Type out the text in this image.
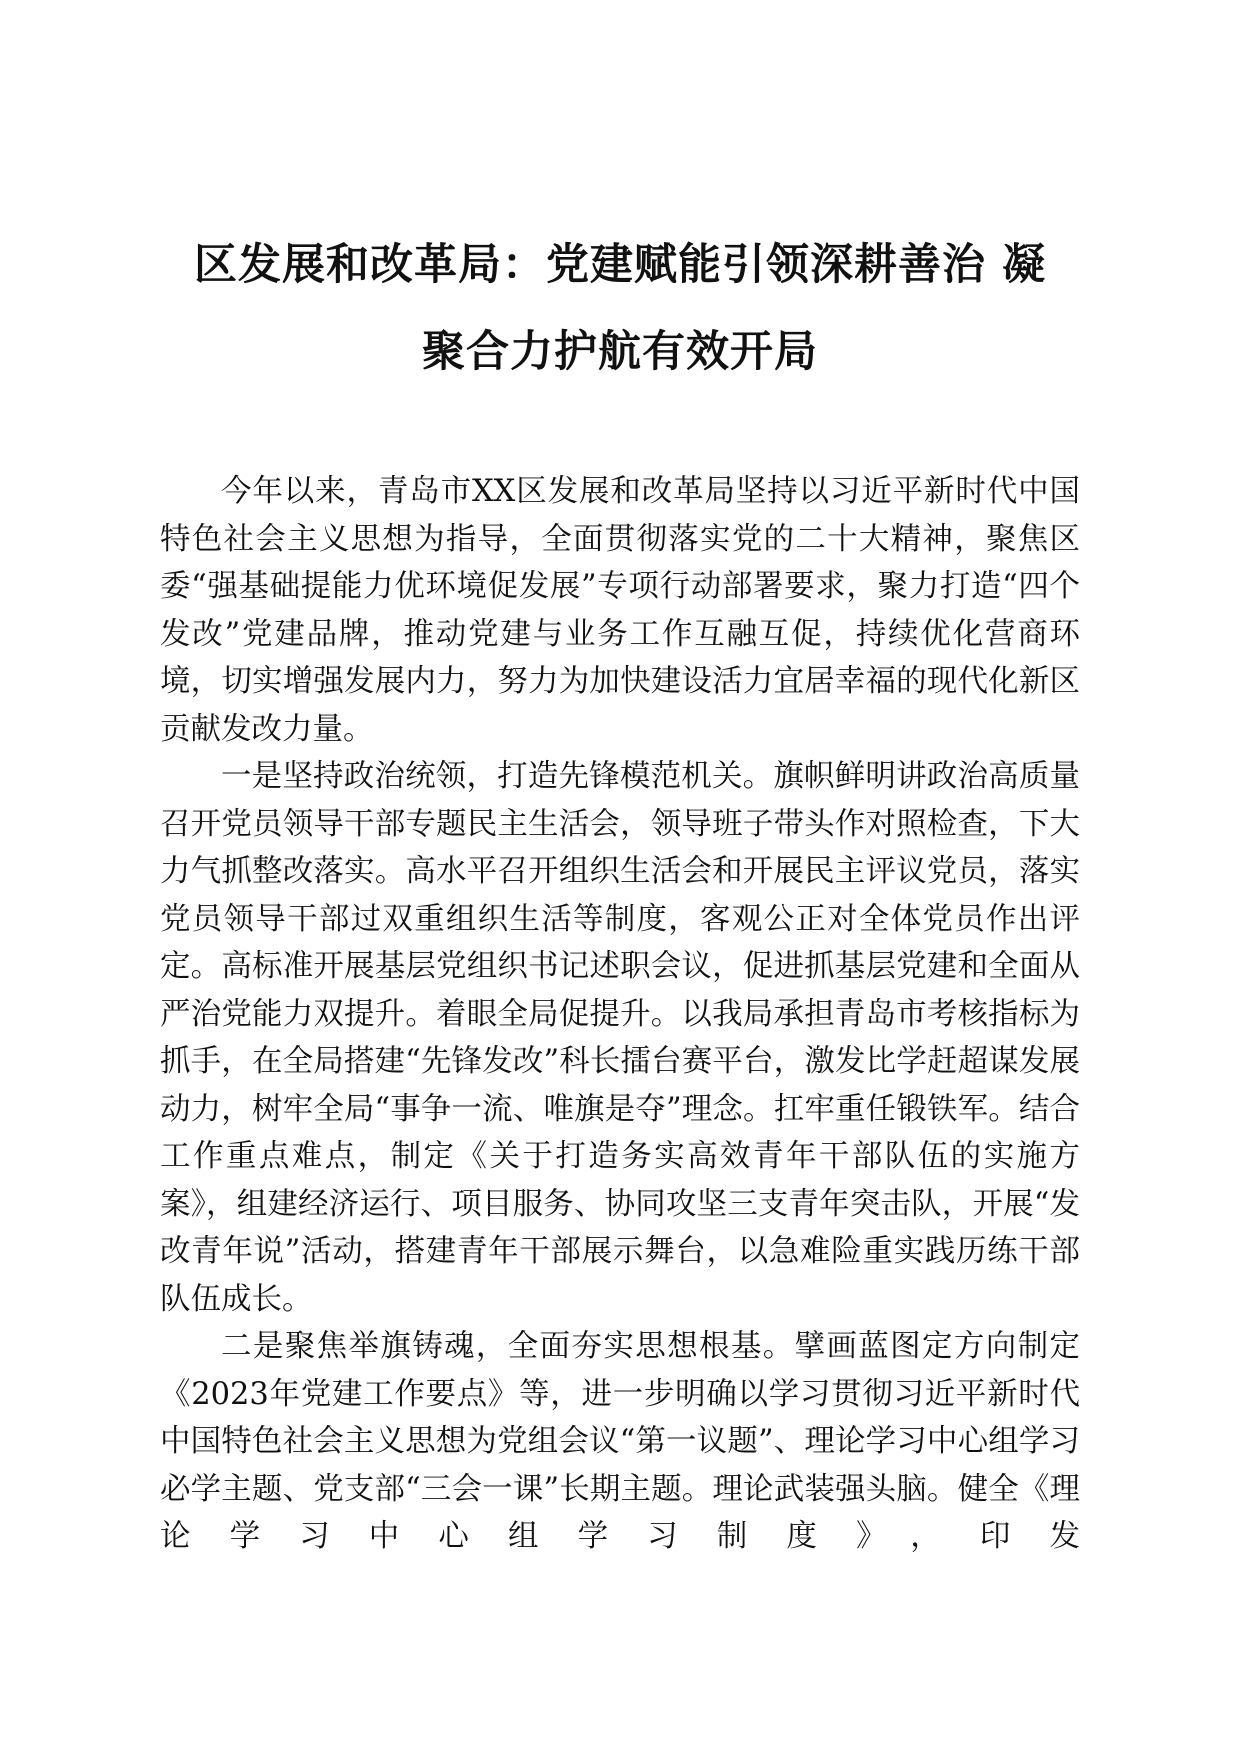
区发展和改革局：党建赋能引领深耕善治 凝
聚合力护航有效开局

今年以来，青岛市XX区发展和改革局坚持以习近平新时代中国特色社会主义思想为指导，全面贯彻落实党的二十大精神，聚焦区委“强基础提能力优环境促发展”专项行动部署要求，聚力打造“四个发改”党建品牌，推动党建与业务工作互融互促，持续优化营商环境，切实增强发展内力，努力为加快建设活力宜居幸福的现代化新区贡献发改力量。

一是坚持政治统领，打造先锋模范机关。旗帜鲜明讲政治高质量召开党员领导干部专题民主生活会，领导班子带头作对照检查，下大力气抓整改落实。高水平召开组织生活会和开展民主评议党员，落实党员领导干部过双重组织生活等制度，客观公正对全体党员作出评定。高标准开展基层党组织书记述职会议，促进抓基层党建和全面从严治党能力双提升。着眼全局促提升。以我局承担青岛市考核指标为抓手，在全局搭建“先锋发改”科长擂台赛平台，激发比学赶超谋发展动力，树牢全局“事争一流、唯旗是夺”理念。扛牢重任锻铁军。结合工作重点难点，制定《关于打造务实高效青年干部队伍的实施方案》，组建经济运行、项目服务、协同攻坚三支青年突击队，开展“发改青年说”活动，搭建青年干部展示舞台，以急难险重实践历练干部队伍成长。

二是聚焦举旗铸魂，全面夯实思想根基。擘画蓝图定方向制定《2023年党建工作要点》等，进一步明确以学习贯彻习近平新时代中国特色社会主义思想为党组会议“第一议题”、理论学习中心组学习必学主题、党支部“三会一课”长期主题。理论武装强头脑。健全《理论学习中心组学习制度》，印发
